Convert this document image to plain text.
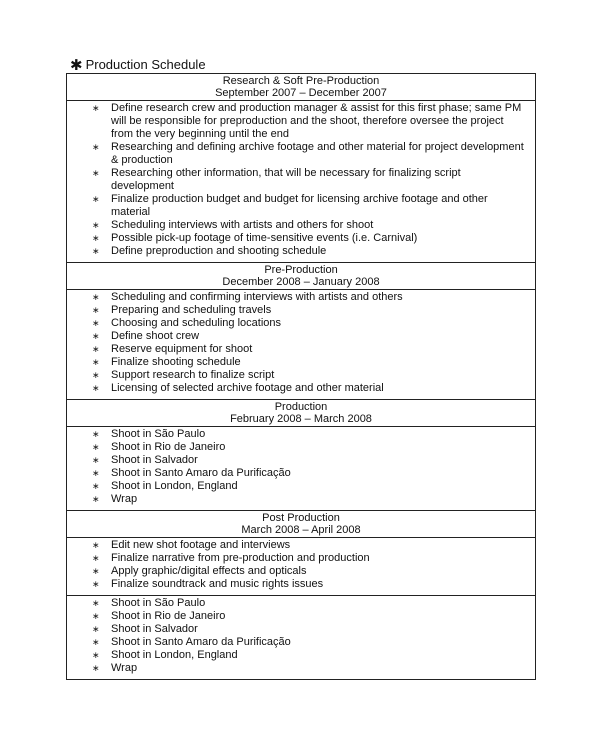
✱ Production Schedule
Research & Soft Pre-Production
September 2007 – December 2007

∗ Define research crew and production manager & assist for this first phase; same PM will be responsible for preproduction and the shoot, therefore oversee the project from the very beginning until the end
∗ Researching and defining archive footage and other material for project development & production
∗ Researching other information, that will be necessary for finalizing script development
∗ Finalize production budget and budget for licensing archive footage and other material
∗ Scheduling interviews with artists and others for shoot
∗ Possible pick-up footage of time-sensitive events (i.e. Carnival)
∗ Define preproduction and shooting schedule

Pre-Production
December 2008 – January 2008

∗ Scheduling and confirming interviews with artists and others
∗ Preparing and scheduling travels
∗ Choosing and scheduling locations
∗ Define shoot crew
∗ Reserve equipment for shoot
∗ Finalize shooting schedule
∗ Support research to finalize script
∗ Licensing of selected archive footage and other material

Production
February 2008 – March 2008

∗ Shoot in São Paulo
∗ Shoot in Rio de Janeiro
∗ Shoot in Salvador
∗ Shoot in Santo Amaro da Purificação
∗ Shoot in London, England
∗ Wrap

Post Production
March 2008 – April 2008

∗ Edit new shot footage and interviews
∗ Finalize narrative from pre-production and production
∗ Apply graphic/digital effects and opticals
∗ Finalize soundtrack and music rights issues

∗ Shoot in São Paulo
∗ Shoot in Rio de Janeiro
∗ Shoot in Salvador
∗ Shoot in Santo Amaro da Purificação
∗ Shoot in London, England
∗ Wrap
